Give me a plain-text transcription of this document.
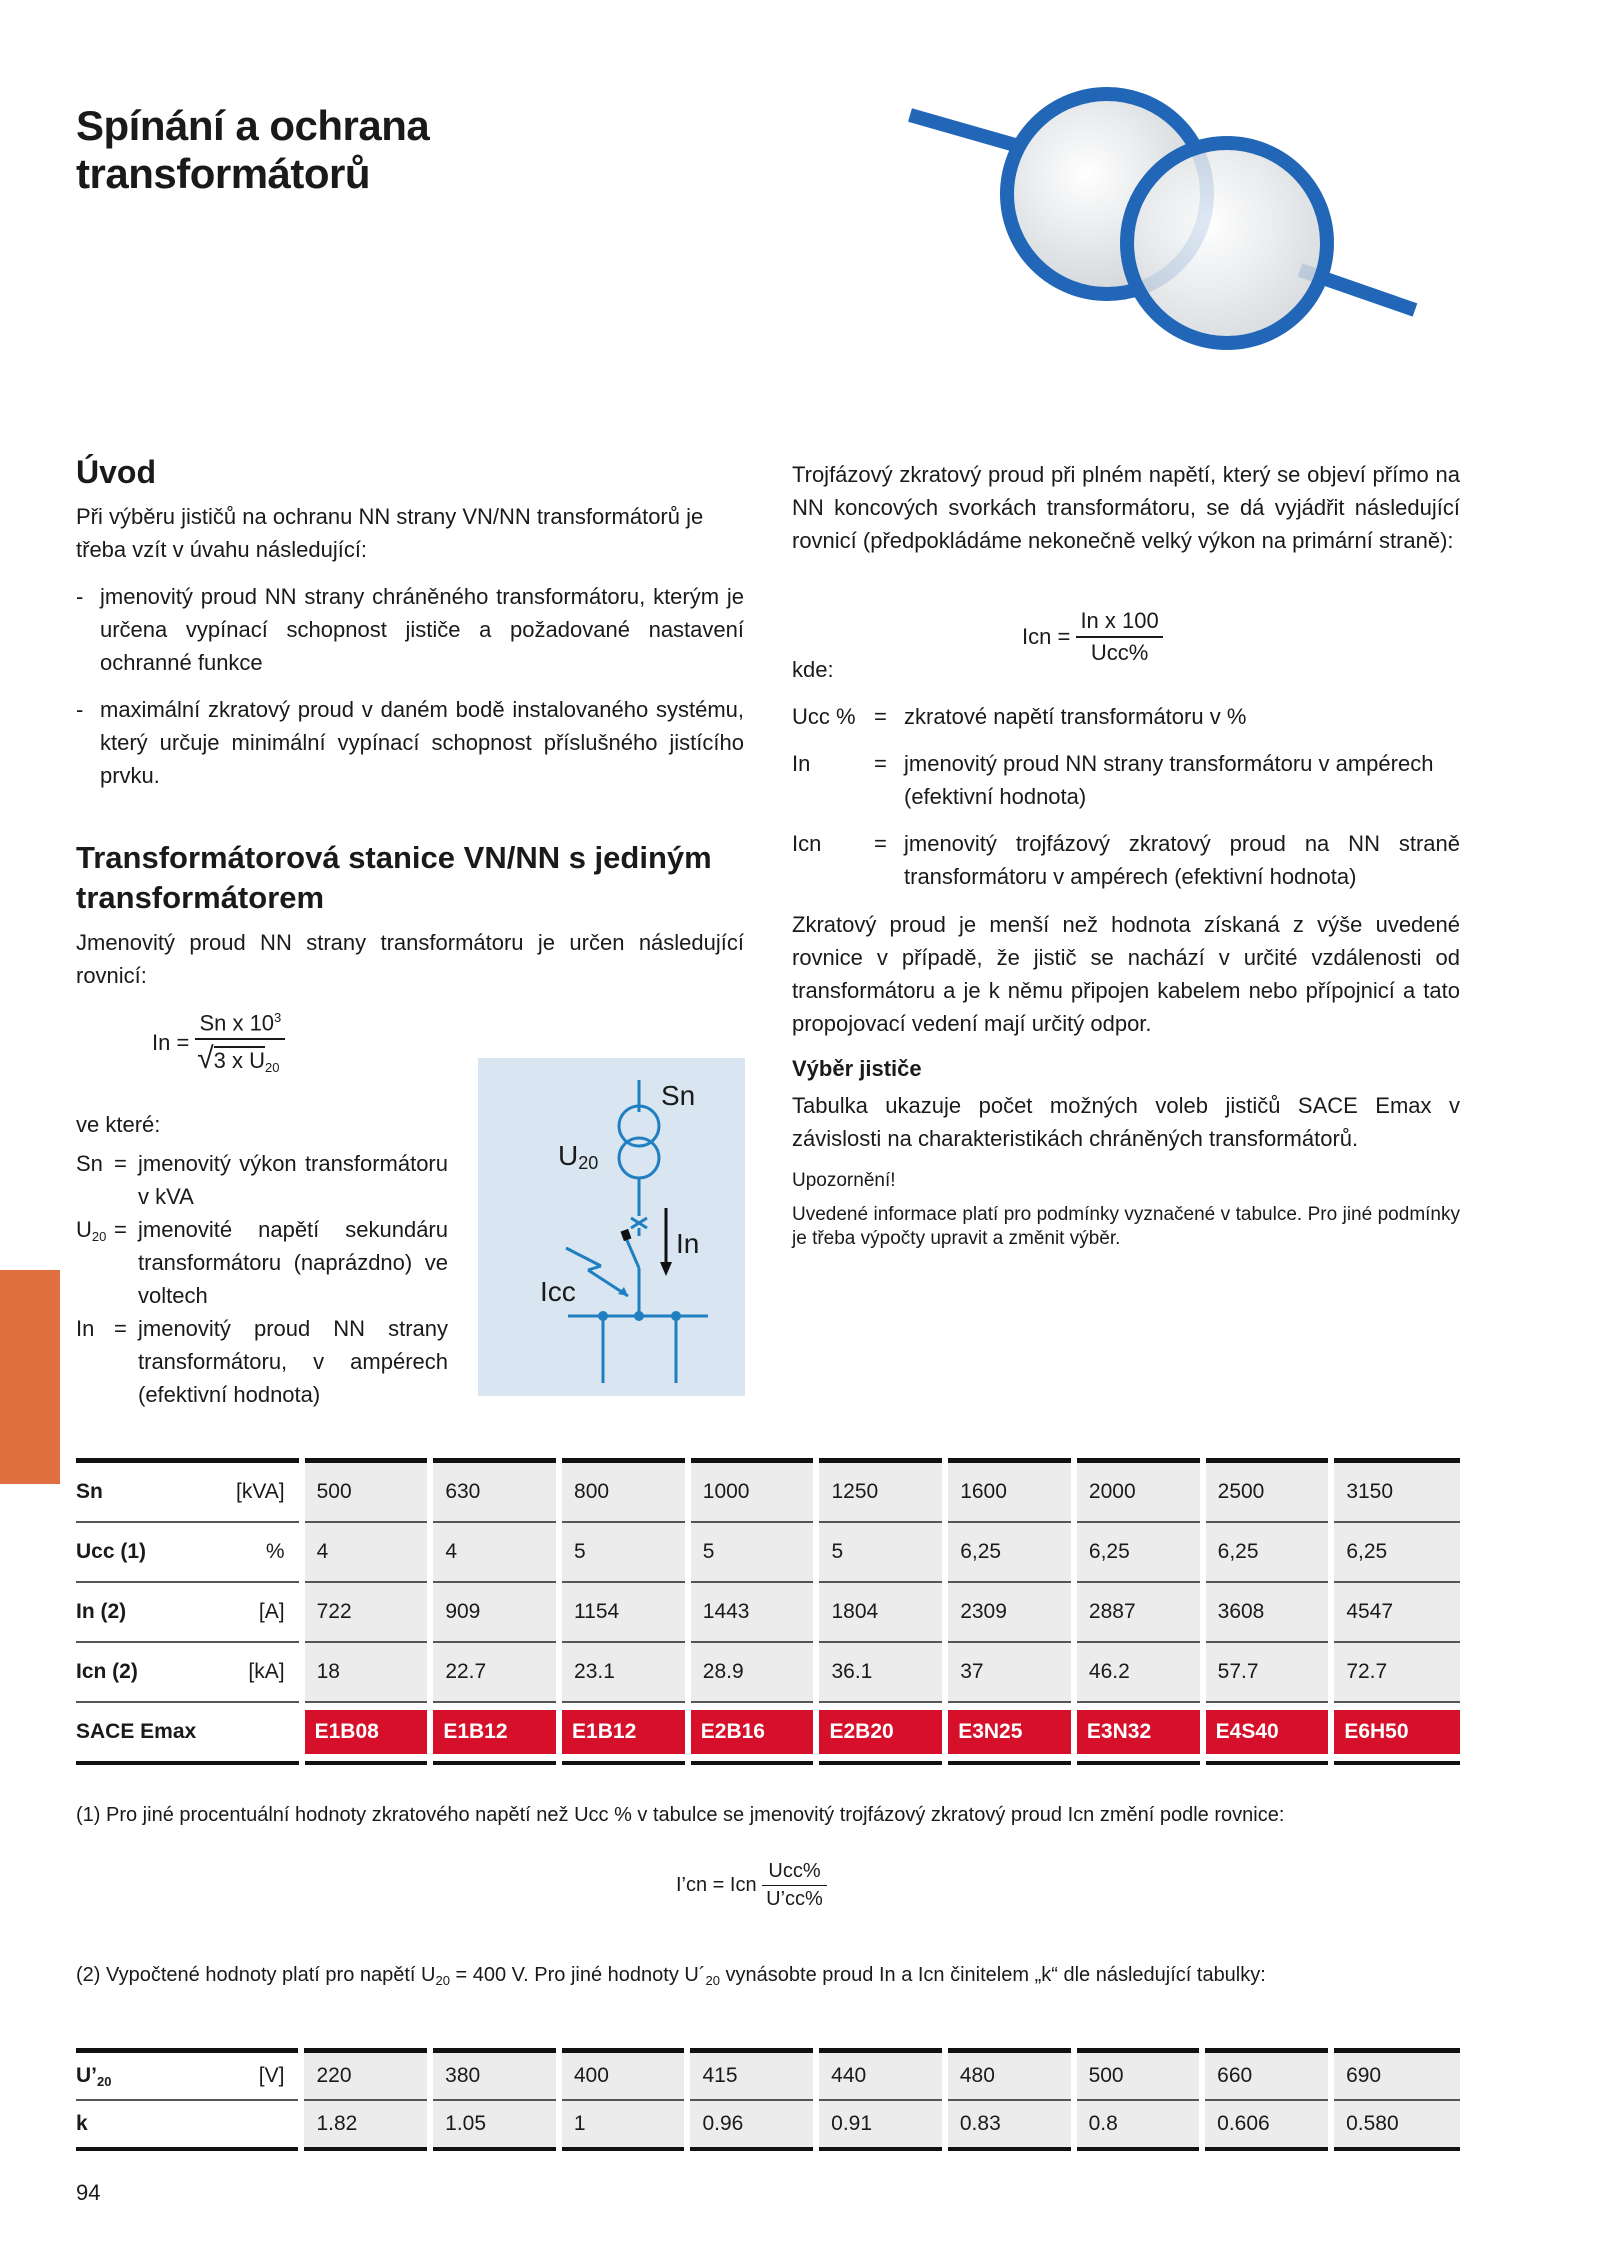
Spínání a ochrana
transformátorů
Úvod

Při výběru jističů na ochranu NN strany VN/NN transformátorů je třeba vzít v úvahu následující:

- jmenovitý proud NN strany chráněného transformátoru, kterým je určena vypínací schopnost jističe a požadované nastavení ochranné funkce
- maximální zkratový proud v daném bodě instalovaného systému, který určuje minimální vypínací schopnost příslušného jistícího prvku.
Transformátorová stanice VN/NN s jediným transformátorem

Jmenovitý proud NN strany transformátoru je určen následující rovnicí:

$In = \frac{Sn x 10^3}{√3 x U_{20}}$

ve které:

Sn = jmenovitý výkon transformátoru v kVA
$U_{20}$ = jmenovité napětí sekundáru transformátoru (naprázdno) ve voltech
In = jmenovitý proud NN strany transformátoru, v ampérech (efektivní hodnota)
Sn
$U_{20}$
In
Icc

Trojfázový zkratový proud při plném napětí, který se objeví přímo na NN koncových svorkách transformátoru, se dá vyjádřit následující rovnicí (předpokládáme nekonečně velký výkon na primární straně):

Icn = $\frac{\text{In x 100}}{\text{Ucc\%}}$

kde:

Ucc % = zkratové napětí transformátoru v %
In	= jmenovitý proud NN strany transformátoru v ampérech (efektivní hodnota)
Icn	= jmenovitý trojfázový zkratový proud na NN straně transformátoru v ampérech (efektivní hodnota)

Zkratový proud je menší než hodnota získaná z výše uvedené rovnice v případě, že jistič se nachází v určité vzdálenosti od transformátoru a je k němu připojen kabelem nebo přípojnicí a tato propojovací vedení mají určitý odpor.

Výběr jističe

Tabulka ukazuje počet možných voleb jističů SACE Emax v závislosti na charakteristikách chráněných transformátorů.

Upozornění!

Uvedené informace platí pro podmínky vyznačené v tabulce. Pro jiné podmínky je třeba výpočty upravit a změnit výběr.

Sn	[kVA]	500	630	800	1000	1250	1600	2000	2500	3150
Ucc (1)	%	4	4	5	5	5	6,25	6,25	6,25	6,25
In (2)	[A]	722	909	1154	1443	1804	2309	2887	3608	4547
Icn (2)	[kA]	18	22.7	23.1	28.9	36.1	37	46.2	57.7	72.7
SACE Emax		E1B08	E1B12	E1B12	E2B16	E2B20	E3N25	E3N32	E4S40	E6H50

(1) Pro jiné procentuální hodnoty zkratového napětí než Ucc % v tabulce se jmenovitý trojfázový zkratový proud Icn změní podle rovnice:

I’cn = Icn $\frac{\text{Ucc\%}}{U’cc\%}$

(2) Vypočtené hodnoty platí pro napětí $U_{20} = 400$ V. Pro jiné hodnoty $U´_{20}$ vynásobte proud In a Icn činitelem „k“ dle následující tabulky:

$U’_{20}$	[V]	220	380	400	415	440	480	500	660	690
k		1.82	1.05	1	0.96	0.91	0.83	0.8	0.606	0.580

94
